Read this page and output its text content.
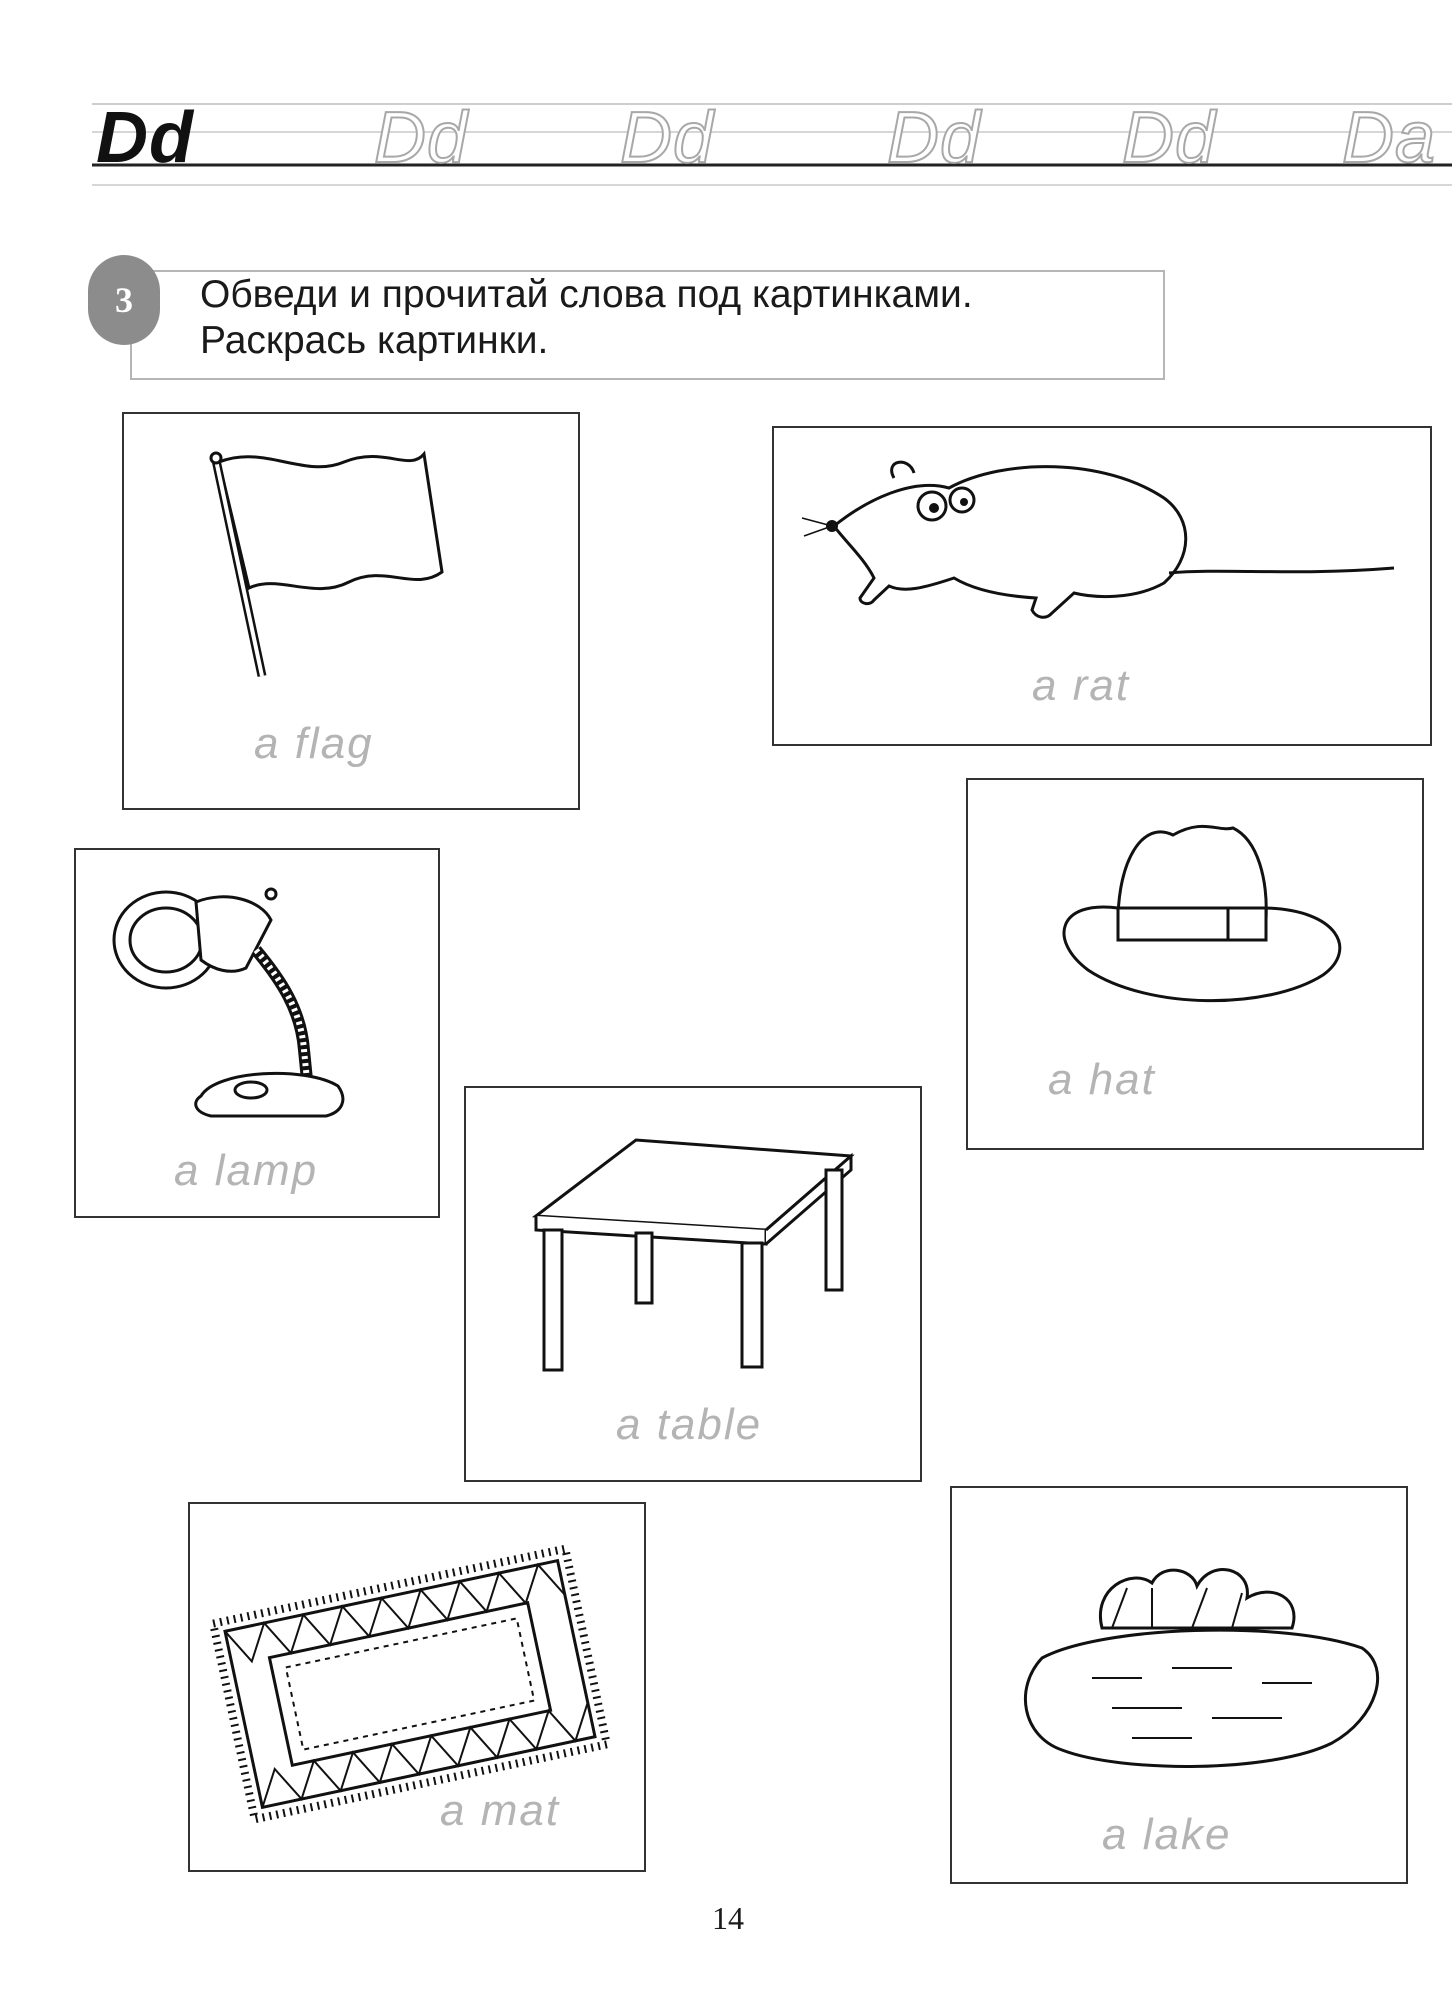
Dd	Dd Dd Dd Dd Da
3	Обведи и прочитай слова под картинками.
Раскрась картинки.
a flag
a rat
a lamp
a hat
a table
a mat	a lake
14
